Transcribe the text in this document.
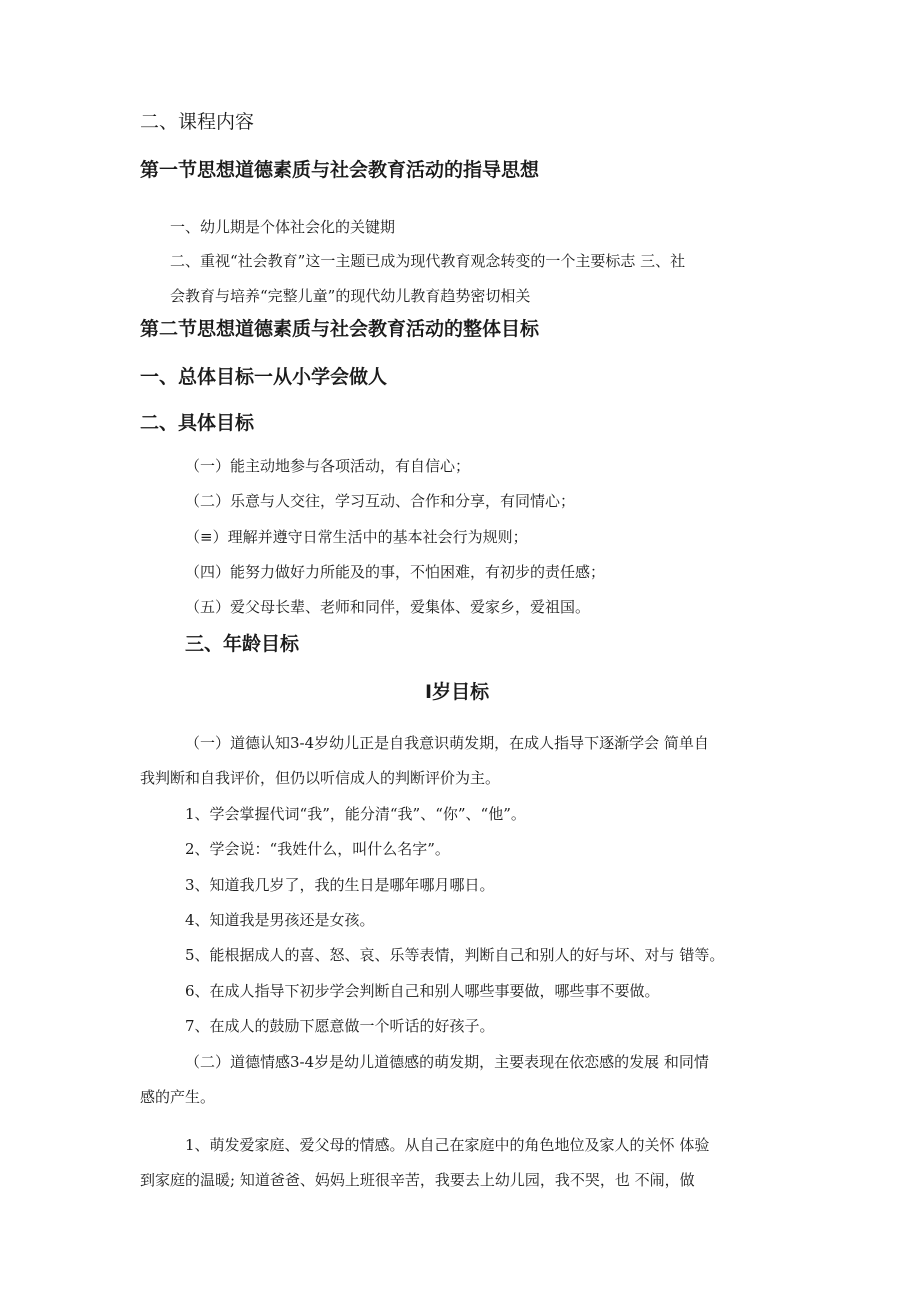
二、课程内容
第一节思想道德素质与社会教育活动的指导思想
一、幼儿期是个体社会化的关键期
二、重视“社会教育”这一主题已成为现代教育观念转变的一个主要标志 三、社
会教育与培养“完整儿童”的现代幼儿教育趋势密切相关
第二节思想道德素质与社会教育活动的整体目标
一、总体目标一从小学会做人
二、具体目标
（一）能主动地参与各项活动，有自信心；
（二）乐意与人交往，学习互动、合作和分享，有同情心；
（≡）理解并遵守日常生活中的基本社会行为规则；
（四）能努力做好力所能及的事，不怕困难，有初步的责任感；
（五）爱父母长辈、老师和同伴，爱集体、爱家乡，爱祖国。
三、年龄目标
I岁目标
（一）道德认知3-4岁幼儿正是自我意识萌发期，在成人指导下逐渐学会 简单自
我判断和自我评价，但仍以听信成人的判断评价为主。
1、学会掌握代词“我”，能分清“我”、“你”、“他”。
2、学会说：“我姓什么，叫什么名字”。
3、知道我几岁了，我的生日是哪年哪月哪日。
4、知道我是男孩还是女孩。
5、能根据成人的喜、怒、哀、乐等表情，判断自己和别人的好与坏、对与 错等。
6、在成人指导下初步学会判断自己和别人哪些事要做，哪些事不要做。
7、在成人的鼓励下愿意做一个听话的好孩子。
（二）道德情感3-4岁是幼儿道德感的萌发期，主要表现在依恋感的发展 和同情
感的产生。
1、萌发爱家庭、爱父母的情感。从自己在家庭中的角色地位及家人的关怀 体验
到家庭的温暖; 知道爸爸、妈妈上班很辛苦，我要去上幼儿园，我不哭，也 不闹，做
